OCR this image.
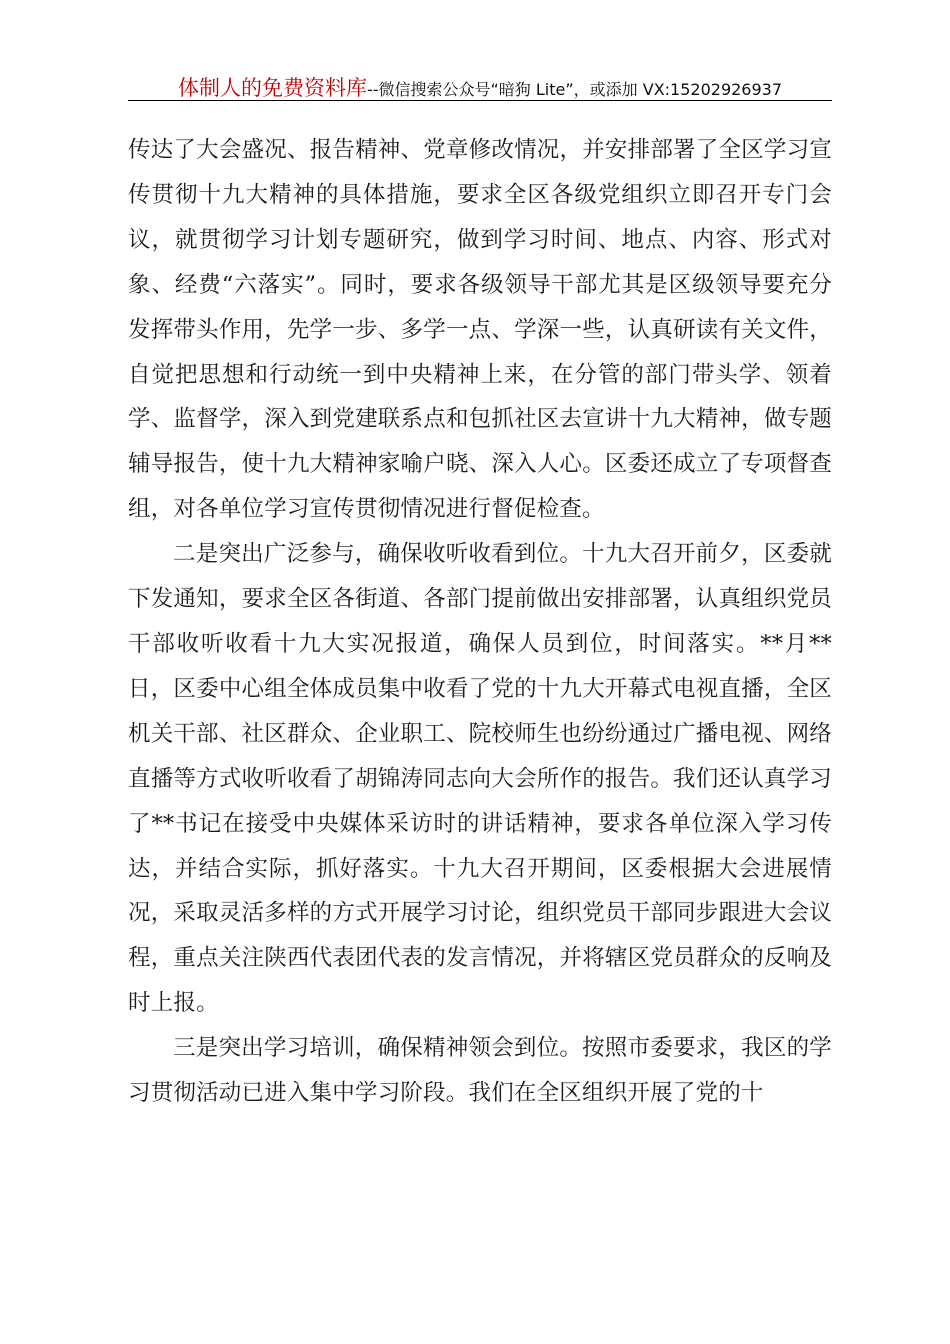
体制人的免费资料库--微信搜索公众号“暗狗 Lite”，或添加 VX:15202926937

传达了大会盛况、报告精神、党章修改情况，并安排部署了全区学习宣传贯彻十九大精神的具体措施，要求全区各级党组织立即召开专门会议，就贯彻学习计划专题研究，做到学习时间、地点、内容、形式对象、经费“六落实”。同时，要求各级领导干部尤其是区级领导要充分发挥带头作用，先学一步、多学一点、学深一些，认真研读有关文件，自觉把思想和行动统一到中央精神上来，在分管的部门带头学、领着学、监督学，深入到党建联系点和包抓社区去宣讲十九大精神，做专题辅导报告，使十九大精神家喻户晓、深入人心。区委还成立了专项督查组，对各单位学习宣传贯彻情况进行督促检查。

二是突出广泛参与，确保收听收看到位。十九大召开前夕，区委就下发通知，要求全区各街道、各部门提前做出安排部署，认真组织党员干部收听收看十九大实况报道，确保人员到位，时间落实。**月**日，区委中心组全体成员集中收看了党的十九大开幕式电视直播，全区机关干部、社区群众、企业职工、院校师生也纷纷通过广播电视、网络直播等方式收听收看了胡锦涛同志向大会所作的报告。我们还认真学习了**书记在接受中央媒体采访时的讲话精神，要求各单位深入学习传达，并结合实际，抓好落实。十九大召开期间，区委根据大会进展情况，采取灵活多样的方式开展学习讨论，组织党员干部同步跟进大会议程，重点关注陕西代表团代表的发言情况，并将辖区党员群众的反响及时上报。

三是突出学习培训，确保精神领会到位。按照市委要求，我区的学习贯彻活动已进入集中学习阶段。我们在全区组织开展了党的十
